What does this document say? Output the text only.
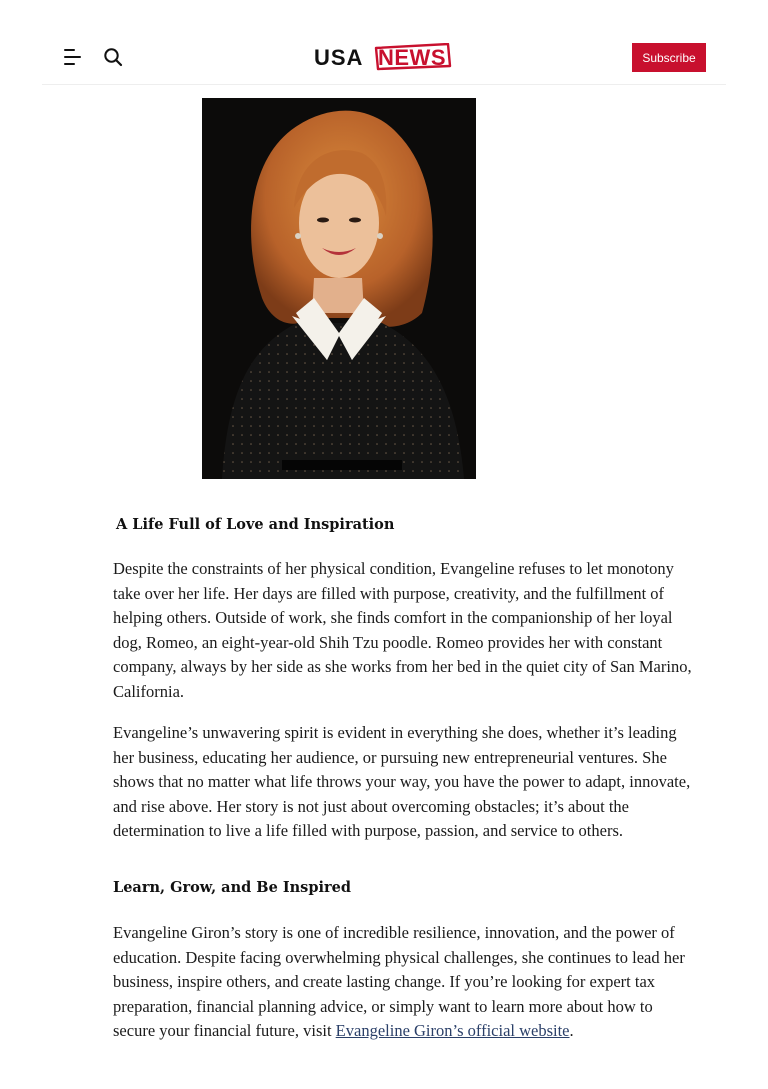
USA NEWS	Subscribe
A Life Full of Love and Inspiration

Despite the constraints of her physical condition, Evangeline refuses to let monotony take over her life. Her days are filled with purpose, creativity, and the fulfillment of helping others. Outside of work, she finds comfort in the companionship of her loyal dog, Romeo, an eight-year-old Shih Tzu poodle. Romeo provides her with constant company, always by her side as she works from her bed in the quiet city of San Marino, California.

Evangeline’s unwavering spirit is evident in everything she does, whether it’s leading her business, educating her audience, or pursuing new entrepreneurial ventures. She shows that no matter what life throws your way, you have the power to adapt, innovate, and rise above. Her story is not just about overcoming obstacles; it’s about the determination to live a life filled with purpose, passion, and service to others.

Learn, Grow, and Be Inspired

Evangeline Giron’s story is one of incredible resilience, innovation, and the power of education. Despite facing overwhelming physical challenges, she continues to lead her business, inspire others, and create lasting change. If you’re looking for expert tax preparation, financial planning advice, or simply want to learn more about how to secure your financial future, visit Evangeline Giron’s official website.
